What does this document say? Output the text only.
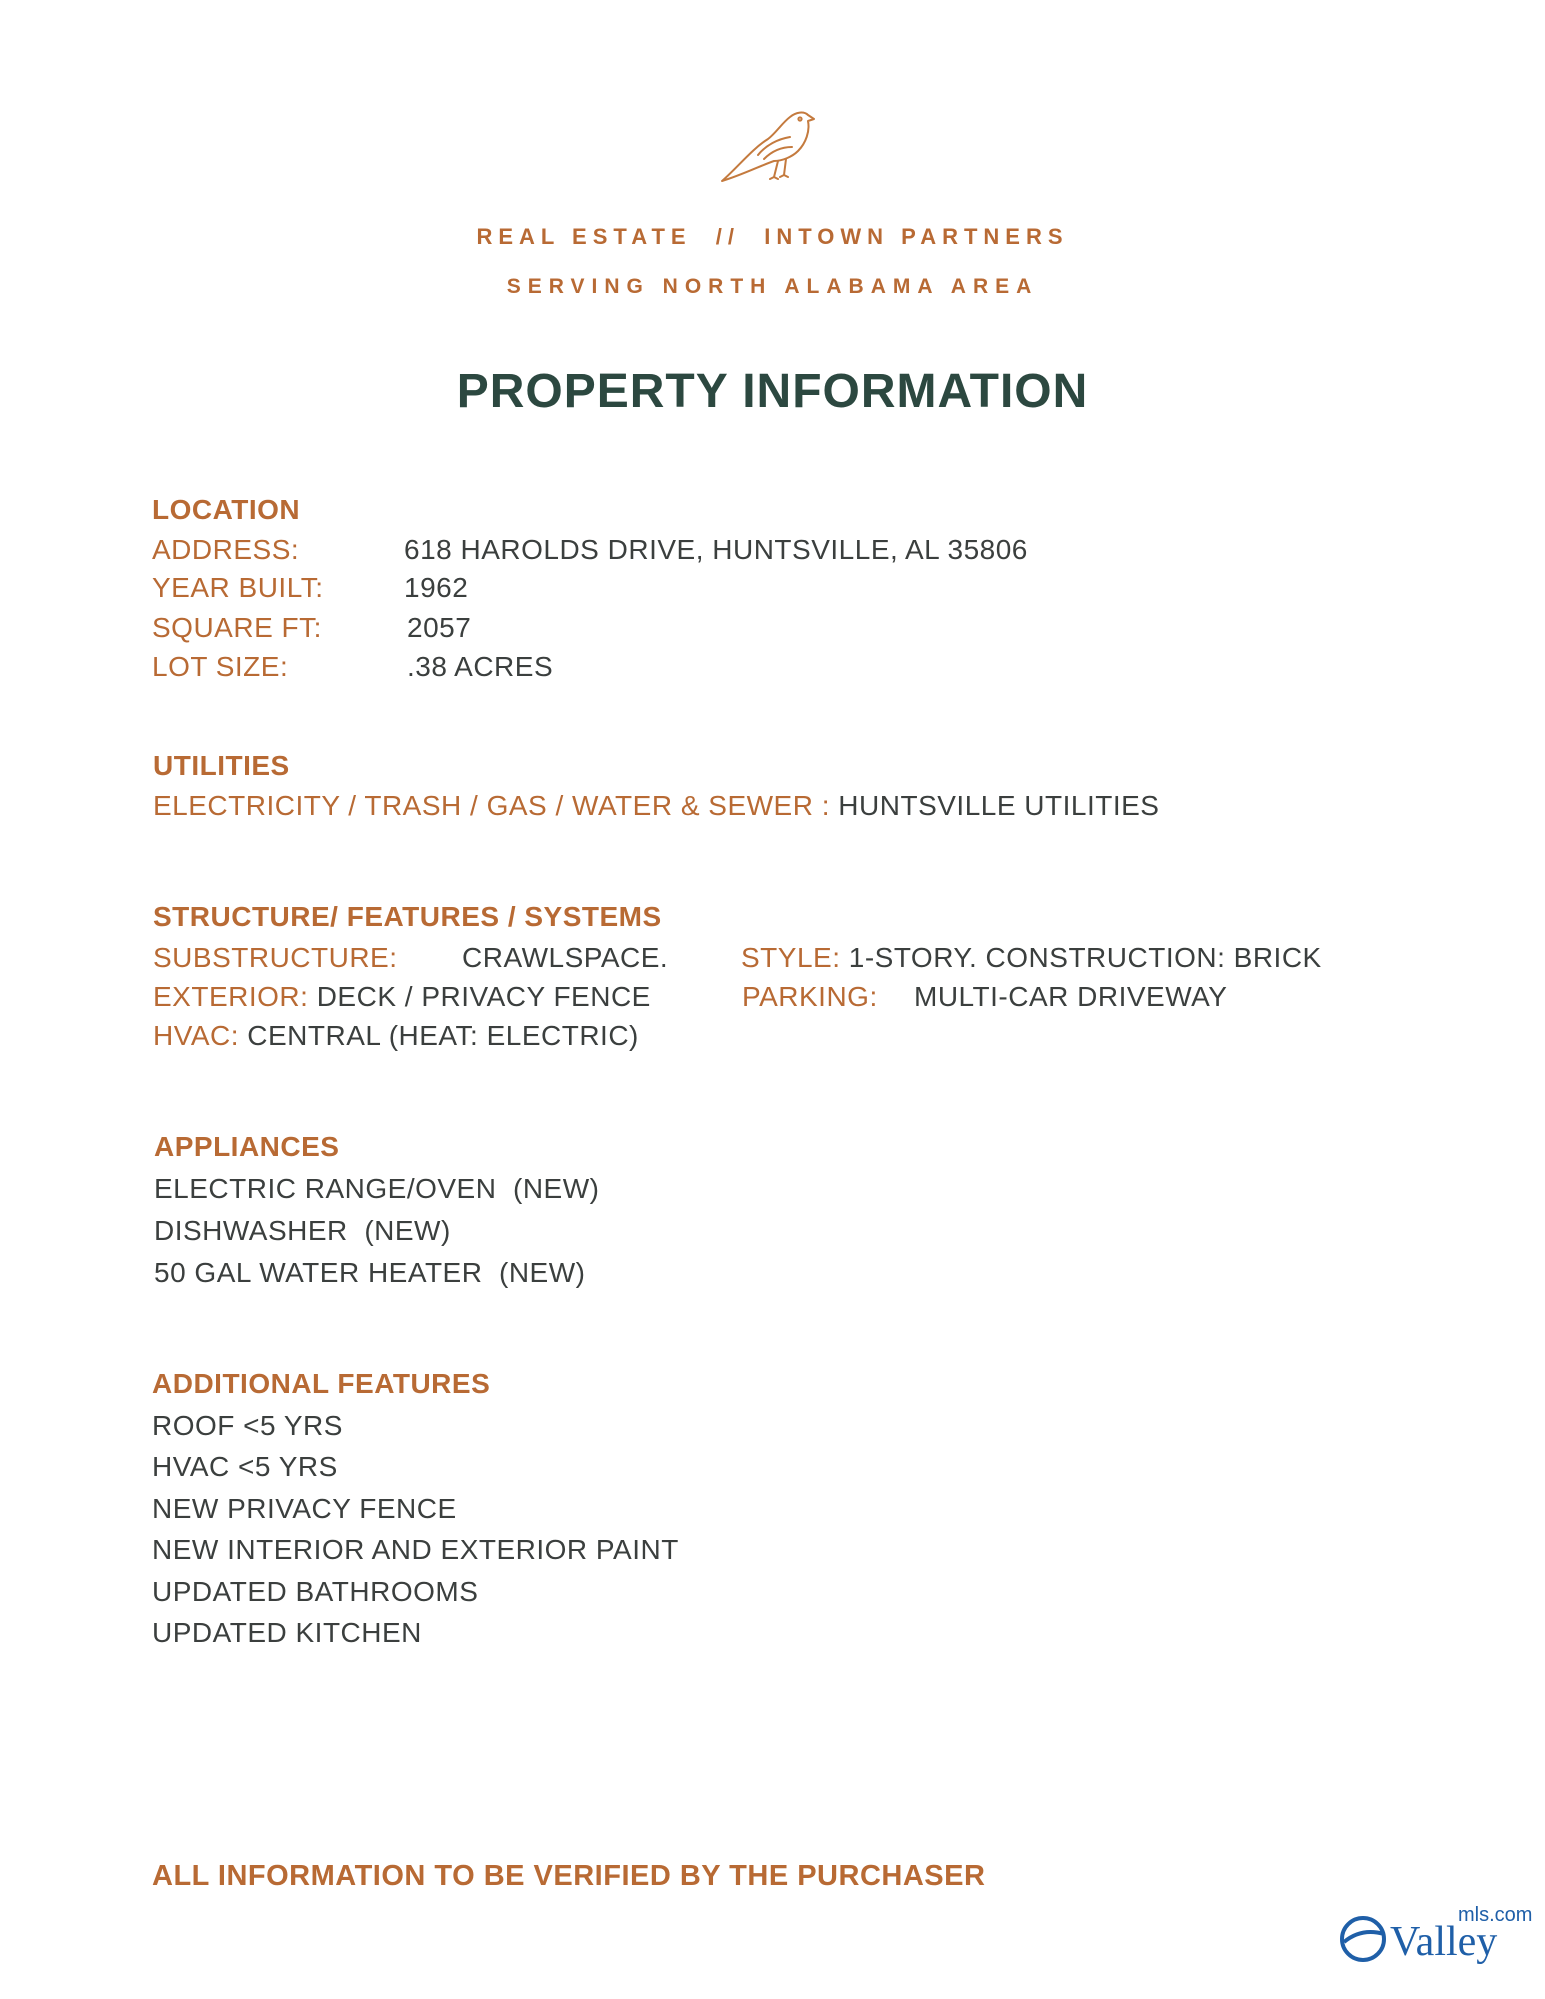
REAL ESTATE  //  INTOWN PARTNERS
SERVING NORTH ALABAMA AREA
PROPERTY INFORMATION
LOCATION
ADDRESS:	618 HAROLDS DRIVE, HUNTSVILLE, AL 35806
YEAR BUILT:	1962
SQUARE FT:	2057
LOT SIZE:	.38 ACRES
UTILITIES
ELECTRICITY / TRASH / GAS / WATER & SEWER : HUNTSVILLE UTILITIES
STRUCTURE/ FEATURES / SYSTEMS
SUBSTRUCTURE: CRAWLSPACE.	STYLE: 1-STORY. CONSTRUCTION: BRICK
EXTERIOR: DECK / PRIVACY FENCE	PARKING: MULTI-CAR DRIVEWAY
HVAC: CENTRAL (HEAT: ELECTRIC)
APPLIANCES
ELECTRIC RANGE/OVEN  (NEW)
DISHWASHER  (NEW)
50 GAL WATER HEATER  (NEW)
ADDITIONAL FEATURES
ROOF <5 YRS
HVAC <5 YRS
NEW PRIVACY FENCE
NEW INTERIOR AND EXTERIOR PAINT
UPDATED BATHROOMS
UPDATED KITCHEN
ALL INFORMATION TO BE VERIFIED BY THE PURCHASER
Valley
mls.com
